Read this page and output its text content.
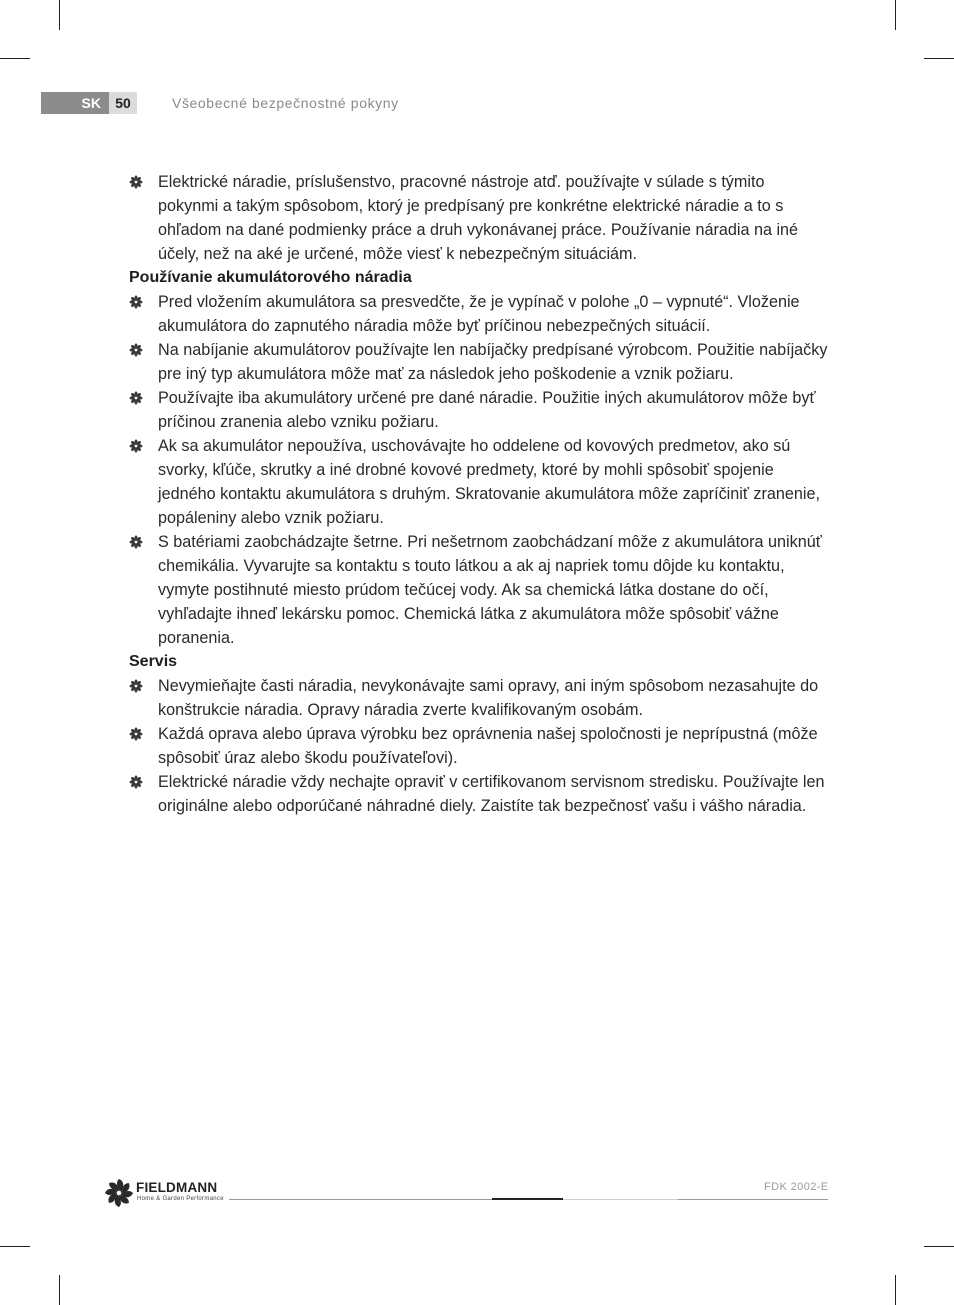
SK	50	Všeobecné bezpečnostné pokyny
Elektrické náradie, príslušenstvo, pracovné nástroje atď. používajte v súlade s týmito pokynmi a takým spôsobom, ktorý je predpísaný pre konkrétne elektrické náradie a to s ohľadom na dané podmienky práce a druh vykonávanej práce. Používanie náradia na iné účely, než na aké je určené, môže viesť k nebezpečným situáciám.
Používanie akumulátorového náradia
Pred vložením akumulátora sa presvedčte, že je vypínač v polohe „0 – vypnuté“. Vloženie akumulátora do zapnutého náradia môže byť príčinou nebezpečných situácií.
Na nabíjanie akumulátorov používajte len nabíjačky predpísané výrobcom. Použitie nabíjačky pre iný typ akumulátora môže mať za následok jeho poškodenie a vznik požiaru.
Používajte iba akumulátory určené pre dané náradie. Použitie iných akumulátorov môže byť príčinou zranenia alebo vzniku požiaru.
Ak sa akumulátor nepoužíva, uschovávajte ho oddelene od kovových predmetov, ako sú svorky, kľúče, skrutky a iné drobné kovové predmety, ktoré by mohli spôsobiť spojenie jedného kontaktu akumulátora s druhým. Skratovanie akumulátora môže zapríčiniť zranenie, popáleniny alebo vznik požiaru.
S batériami zaobchádzajte šetrne. Pri nešetrnom zaobchádzaní môže z akumulátora uniknúť chemikália. Vyvarujte sa kontaktu s touto látkou a ak aj napriek tomu dôjde ku kontaktu, vymyte postihnuté miesto prúdom tečúcej vody. Ak sa chemická látka dostane do očí, vyhľadajte ihneď lekársku pomoc. Chemická látka z akumulátora môže spôsobiť vážne poranenia.
Servis
Nevymieňajte časti náradia, nevykonávajte sami opravy, ani iným spôsobom nezasahujte do konštrukcie náradia. Opravy náradia zverte kvalifikovaným osobám.
Každá oprava alebo úprava výrobku bez oprávnenia našej spoločnosti je neprípustná (môže spôsobiť úraz alebo škodu používateľovi).
Elektrické náradie vždy nechajte opraviť v certifikovanom servisnom stredisku. Používajte len originálne alebo odporúčané náhradné diely. Zaistíte tak bezpečnosť vašu i vášho náradia.
FIELDMANN
Home & Garden Performance
FDK 2002-E
